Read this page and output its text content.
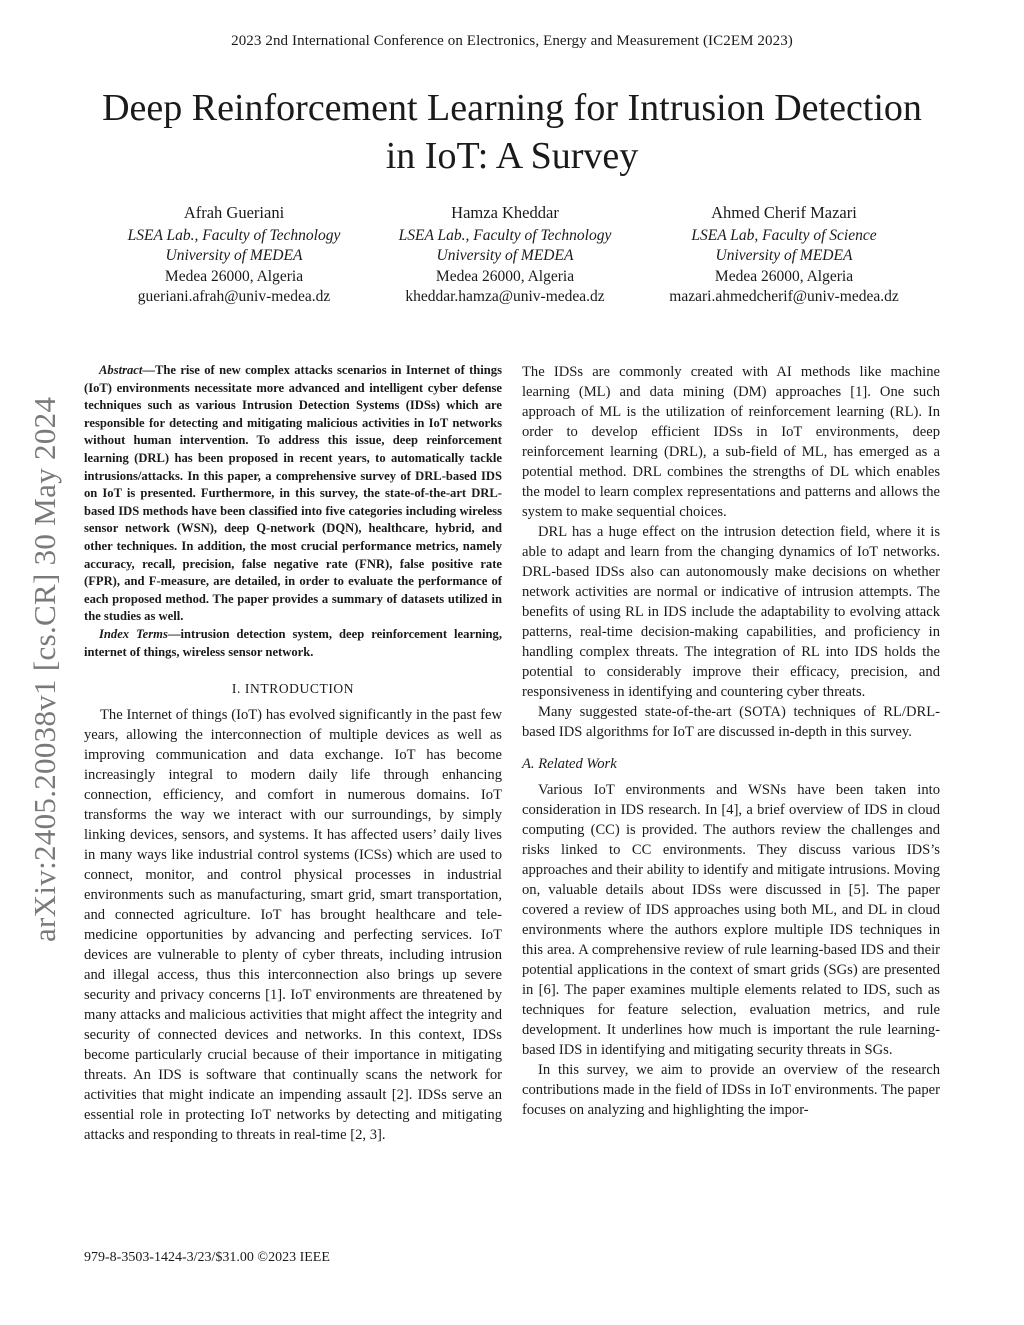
2023 2nd International Conference on Electronics, Energy and Measurement (IC2EM 2023)
Deep Reinforcement Learning for Intrusion Detection in IoT: A Survey
Afrah Gueriani
LSEA Lab., Faculty of Technology
University of MEDEA
Medea 26000, Algeria
gueriani.afrah@univ-medea.dz
Hamza Kheddar
LSEA Lab., Faculty of Technology
University of MEDEA
Medea 26000, Algeria
kheddar.hamza@univ-medea.dz
Ahmed Cherif Mazari
LSEA Lab, Faculty of Science
University of MEDEA
Medea 26000, Algeria
mazari.ahmedcherif@univ-medea.dz
arXiv:2405.20038v1 [cs.CR] 30 May 2024

Abstract—The rise of new complex attacks scenarios in Internet of things (IoT) environments necessitate more advanced and intelligent cyber defense techniques such as various Intrusion Detection Systems (IDSs) which are responsible for detecting and mitigating malicious activities in IoT networks without human intervention. To address this issue, deep reinforcement learning (DRL) has been proposed in recent years, to automatically tackle intrusions/attacks. In this paper, a comprehensive survey of DRL-based IDS on IoT is presented. Furthermore, in this survey, the state-of-the-art DRL-based IDS methods have been classified into five categories including wireless sensor network (WSN), deep Q-network (DQN), healthcare, hybrid, and other techniques. In addition, the most crucial performance metrics, namely accuracy, recall, precision, false negative rate (FNR), false positive rate (FPR), and F-measure, are detailed, in order to evaluate the performance of each proposed method. The paper provides a summary of datasets utilized in the studies as well.

Index Terms—intrusion detection system, deep reinforcement learning, internet of things, wireless sensor network.

I. INTRODUCTION

The Internet of things (IoT) has evolved significantly in the past few years, allowing the interconnection of multiple devices as well as improving communication and data exchange. IoT has become increasingly integral to modern daily life through enhancing connection, efficiency, and comfort in numerous domains. IoT transforms the way we interact with our surroundings, by simply linking devices, sensors, and systems. It has affected users’ daily lives in many ways like industrial control systems (ICSs) which are used to connect, monitor, and control physical processes in industrial environments such as manufacturing, smart grid, smart transportation, and connected agriculture. IoT has brought healthcare and tele-medicine opportunities by advancing and perfecting services. IoT devices are vulnerable to plenty of cyber threats, including intrusion and illegal access, thus this interconnection also brings up severe security and privacy concerns [1]. IoT environments are threatened by many attacks and malicious activities that might affect the integrity and security of connected devices and networks. In this context, IDSs become particularly crucial because of their importance in mitigating threats. An IDS is software that continually scans the network for activities that might indicate an impending assault [2]. IDSs serve an essential role in protecting IoT networks by detecting and mitigating attacks and responding to threats in real-time [2, 3].

The IDSs are commonly created with AI methods like machine learning (ML) and data mining (DM) approaches [1]. One such approach of ML is the utilization of reinforcement learning (RL). In order to develop efficient IDSs in IoT environments, deep reinforcement learning (DRL), a sub-field of ML, has emerged as a potential method. DRL combines the strengths of DL which enables the model to learn complex representations and patterns and allows the system to make sequential choices.

DRL has a huge effect on the intrusion detection field, where it is able to adapt and learn from the changing dynamics of IoT networks. DRL-based IDSs also can autonomously make decisions on whether network activities are normal or indicative of intrusion attempts. The benefits of using RL in IDS include the adaptability to evolving attack patterns, real-time decision-making capabilities, and proficiency in handling complex threats. The integration of RL into IDS holds the potential to considerably improve their efficacy, precision, and responsiveness in identifying and countering cyber threats.

Many suggested state-of-the-art (SOTA) techniques of RL/DRL-based IDS algorithms for IoT are discussed in-depth in this survey.

A. Related Work

Various IoT environments and WSNs have been taken into consideration in IDS research. In [4], a brief overview of IDS in cloud computing (CC) is provided. The authors review the challenges and risks linked to CC environments. They discuss various IDS’s approaches and their ability to identify and mitigate intrusions. Moving on, valuable details about IDSs were discussed in [5]. The paper covered a review of IDS approaches using both ML, and DL in cloud environments where the authors explore multiple IDS techniques in this area. A comprehensive review of rule learning-based IDS and their potential applications in the context of smart grids (SGs) are presented in [6]. The paper examines multiple elements related to IDS, such as techniques for feature selection, evaluation metrics, and rule development. It underlines how much is important the rule learning-based IDS in identifying and mitigating security threats in SGs.

In this survey, we aim to provide an overview of the research contributions made in the field of IDSs in IoT environments. The paper focuses on analyzing and highlighting the impor-

979-8-3503-1424-3/23/$31.00 ©2023 IEEE
